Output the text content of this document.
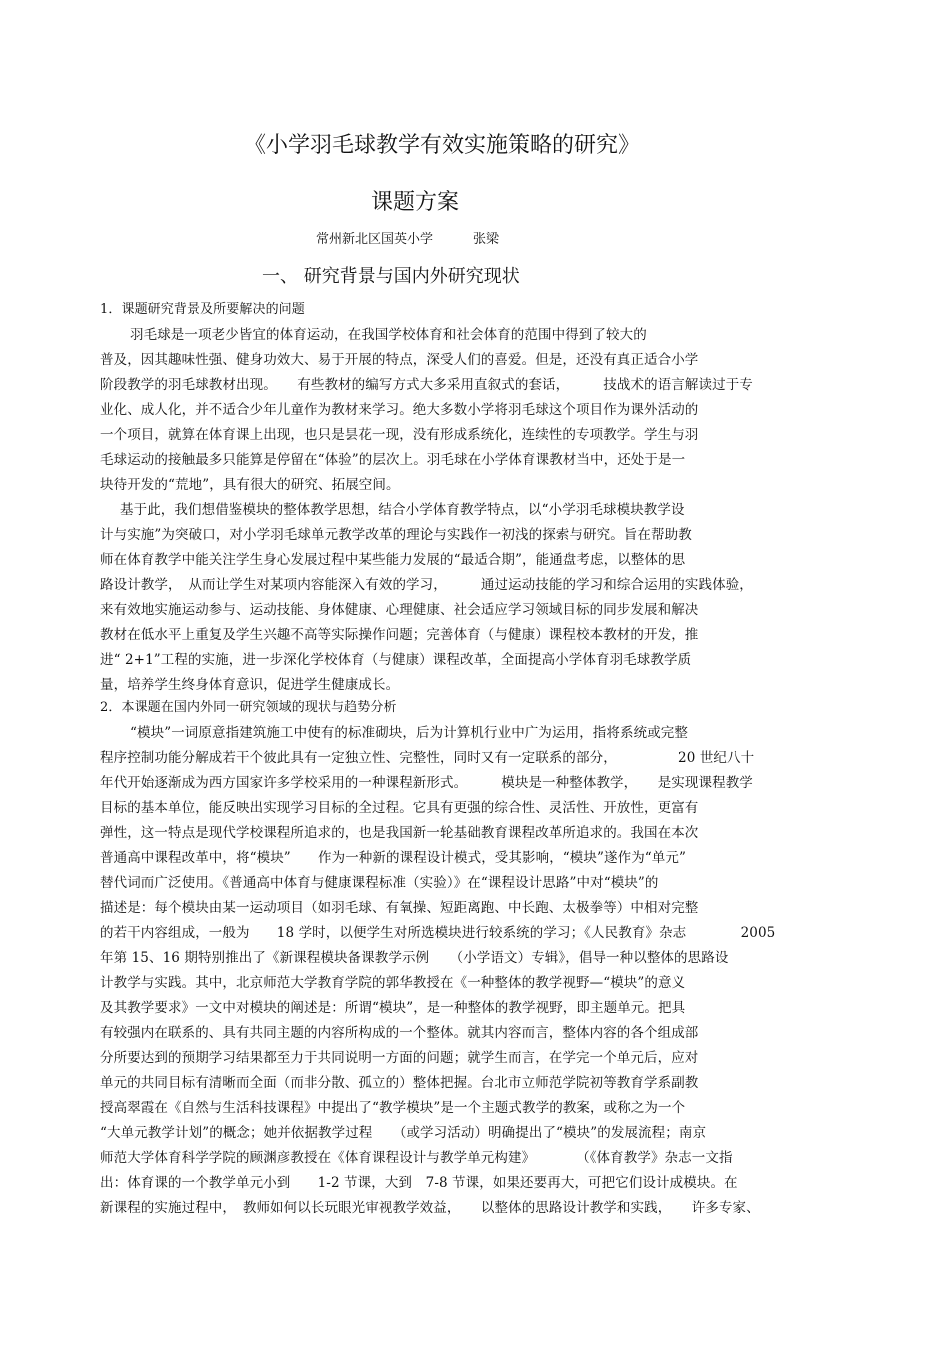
《小学羽毛球教学有效实施策略的研究》
课题方案
常州新北区国英小学	张梁
一、 研究背景与国内外研究现状
1．课题研究背景及所要解决的问题
羽毛球是一项老少皆宜的体育运动，在我国学校体育和社会体育的范围中得到了较大的
普及，因其趣味性强、健身功效大、易于开展的特点，深受人们的喜爱。但是，还没有真正适合小学
阶段教学的羽毛球教材出现。　　有些教材的编写方式大多采用直叙式的套话，　　　技战术的语言解读过于专
业化、成人化，并不适合少年儿童作为教材来学习。绝大多数小学将羽毛球这个项目作为课外活动的
一个项目，就算在体育课上出现，也只是昙花一现，没有形成系统化，连续性的专项教学。学生与羽
毛球运动的接触最多只能算是停留在“体验”的层次上。羽毛球在小学体育课教材当中，还处于是一
块待开发的“荒地”，具有很大的研究、拓展空间。
基于此，我们想借鉴模块的整体教学思想，结合小学体育教学特点，以“小学羽毛球模块教学设
计与实施”为突破口，对小学羽毛球单元教学改革的理论与实践作一初浅的探索与研究。旨在帮助教
师在体育教学中能关注学生身心发展过程中某些能力发展的“最适合期”，能通盘考虑，以整体的思
路设计教学，　从而让学生对某项内容能深入有效的学习，　　　通过运动技能的学习和综合运用的实践体验，
来有效地实施运动参与、运动技能、身体健康、心理健康、社会适应学习领域目标的同步发展和解决
教材在低水平上重复及学生兴趣不高等实际操作问题；完善体育（与健康）课程校本教材的开发，推
进“ 2+1”工程的实施，进一步深化学校体育（与健康）课程改革，全面提高小学体育羽毛球教学质
量，培养学生终身体育意识，促进学生健康成长。
2．本课题在国内外同一研究领域的现状与趋势分析
“模块”一词原意指建筑施工中使有的标准砌块，后为计算机行业中广为运用，指将系统或完整
程序控制功能分解成若干个彼此具有一定独立性、完整性，同时又有一定联系的部分，　　　　　20 世纪八十
年代开始逐渐成为西方国家许多学校采用的一种课程新形式。　　　模块是一种整体教学，　　是实现课程教学
目标的基本单位，能反映出实现学习目标的全过程。它具有更强的综合性、灵活性、开放性，更富有
弹性，这一特点是现代学校课程所追求的，也是我国新一轮基础教育课程改革所追求的。我国在本次
普通高中课程改革中，将“模块”　　作为一种新的课程设计模式，受其影响，“模块”遂作为“单元”
替代词而广泛使用。《普通高中体育与健康课程标准（实验）》在“课程设计思路”中对“模块”的
描述是：每个模块由某一运动项目（如羽毛球、有氧操、短距离跑、中长跑、太极拳等）中相对完整
的若干内容组成，一般为　　18 学时，以便学生对所选模块进行较系统的学习；《人民教育》杂志　　　　2005
年第 15、16 期特别推出了《新课程模块备课教学示例　　（小学语文）专辑》，倡导一种以整体的思路设
计教学与实践。其中，北京师范大学教育学院的郭华教授在《一种整体的教学视野—“模块”的意义
及其教学要求》一文中对模块的阐述是：所谓“模块”，是一种整体的教学视野，即主题单元。把具
有较强内在联系的、具有共同主题的内容所构成的一个整体。就其内容而言，整体内容的各个组成部
分所要达到的预期学习结果都至力于共同说明一方面的问题；就学生而言，在学完一个单元后，应对
单元的共同目标有清晰而全面（而非分散、孤立的）整体把握。台北市立师范学院初等教育学系副教
授高翠霞在《自然与生活科技课程》中提出了“教学模块”是一个主题式教学的教案，或称之为一个
“大单元教学计划”的概念；她并依据教学过程　　（或学习活动）明确提出了“模块”的发展流程；南京
师范大学体育科学学院的顾渊彦教授在《体育课程设计与教学单元构建》　　　　（《体育教学》杂志一文指
出：体育课的一个教学单元小到　　1-2 节课，大到　7-8 节课，如果还要再大，可把它们设计成模块。在
新课程的实施过程中，　教师如何以长玩眼光审视教学效益，　　以整体的思路设计教学和实践，　　许多专家、
